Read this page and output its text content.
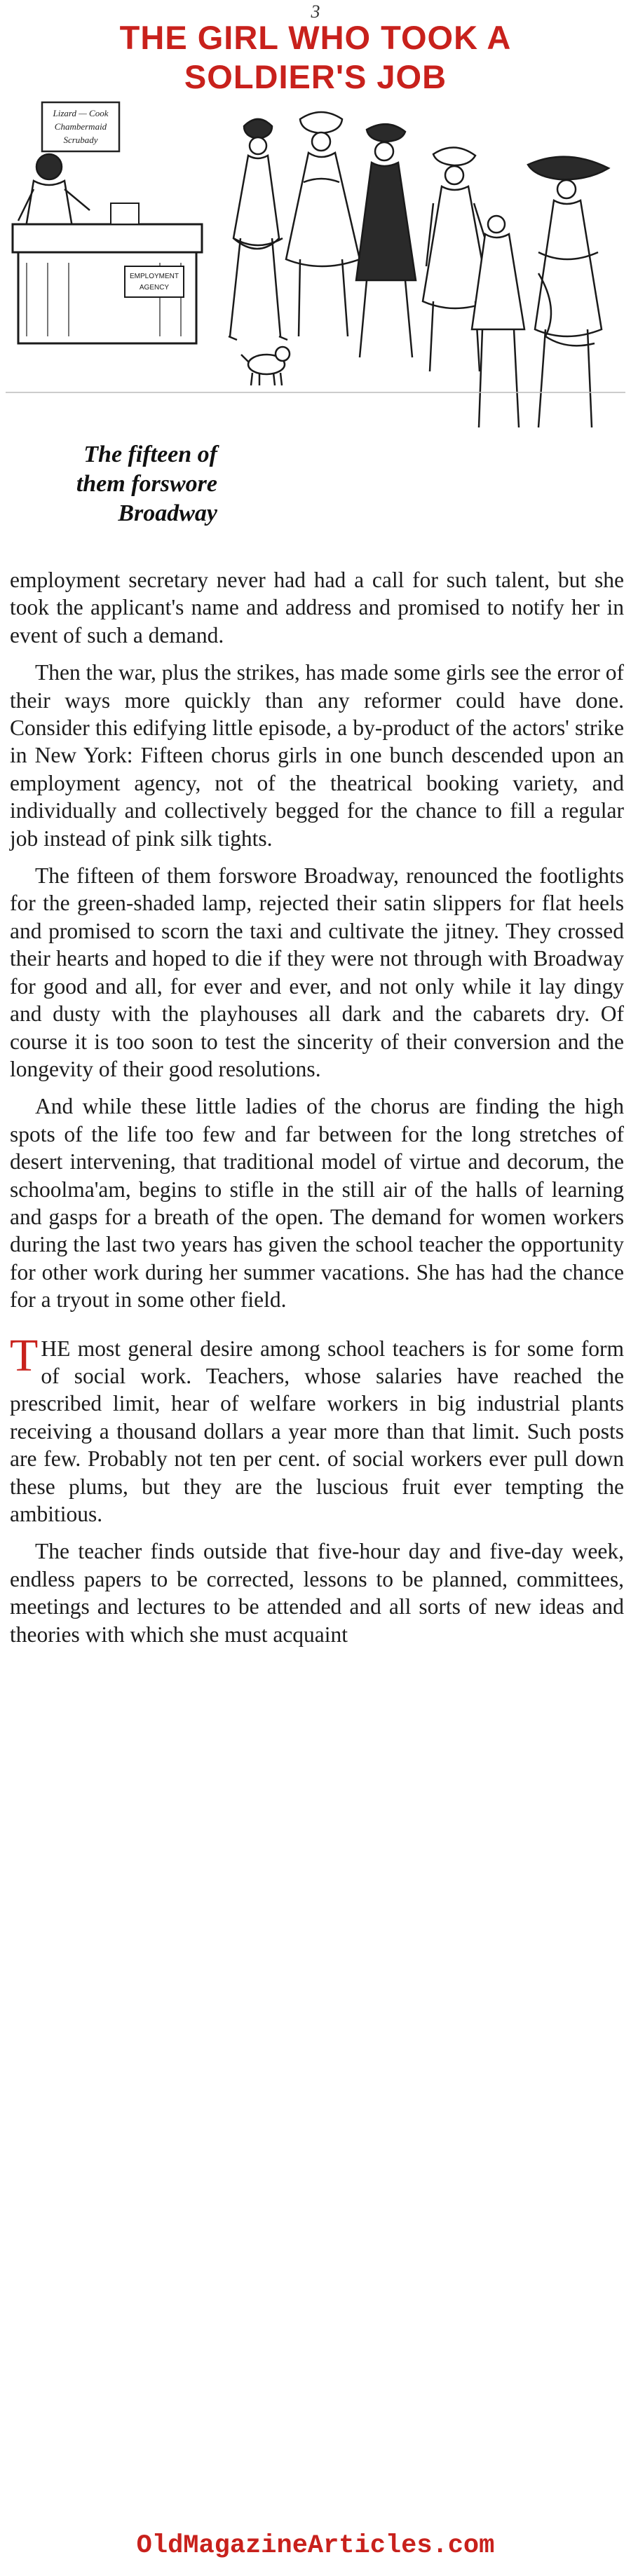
3
THE GIRL WHO TOOK A
SOLDIER'S JOB
Lizard — Cook
Chambermaid
Scrubady
EMPLOYMENT
AGENCY
The fifteen of
them forswore
Broadway

employment secretary never had had a call for such talent, but she took the applicant's name and address and promised to notify her in event of such a demand.

Then the war, plus the strikes, has made some girls see the error of their ways more quickly than any reformer could have done. Consider this edifying little episode, a by-product of the actors' strike in New York: Fifteen chorus girls in one bunch descended upon an employment agency, not of the theatrical booking variety, and individually and collectively begged for the chance to fill a regular job instead of pink silk tights.

The fifteen of them forswore Broadway, renounced the footlights for the green-shaded lamp, rejected their satin slippers for flat heels and promised to scorn the taxi and cultivate the jitney. They crossed their hearts and hoped to die if they were not through with Broadway for good and all, for ever and ever, and not only while it lay dingy and dusty with the playhouses all dark and the cabarets dry. Of course it is too soon to test the sincerity of their conversion and the longevity of their good resolutions.

And while these little ladies of the chorus are finding the high spots of the life too few and far between for the long stretches of desert intervening, that traditional model of virtue and decorum, the schoolma'am, begins to stifle in the still air of the halls of learning and gasps for a breath of the open. The demand for women workers during the last two years has given the school teacher the opportunity for other work during her summer vacations. She has had the chance for a tryout in some other field.

THE most general desire among school teachers is for some form of social work. Teachers, whose salaries have reached the prescribed limit, hear of welfare workers in big industrial plants receiving a thousand dollars a year more than that limit. Such posts are few. Probably not ten per cent. of social workers ever pull down these plums, but they are the luscious fruit ever tempting the ambitious.

The teacher finds outside that five-hour day and five-day week, endless papers to be corrected, lessons to be planned, committees, meetings and lectures to be attended and all sorts of new ideas and theories with which she must acquaint

OldMagazineArticles.com
